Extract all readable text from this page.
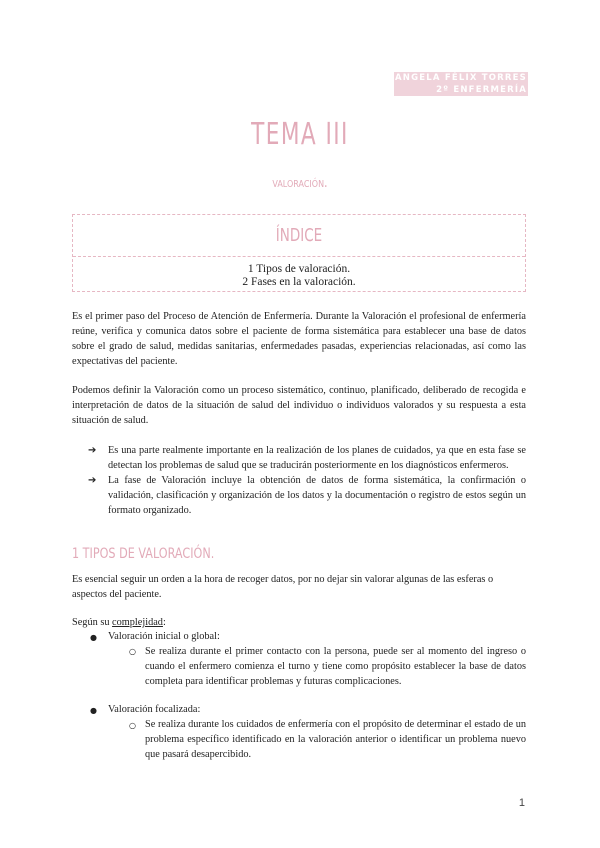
ANGELA FÉLIX TORRES
2º ENFERMERÍA
TEMA III
valoración.
ÍNDICE
1 Tipos de valoración.
2 Fases en la valoración.
Es el primer paso del Proceso de Atención de Enfermería. Durante la Valoración el profesional de enfermería reúne, verifica y comunica datos sobre el paciente de forma sistemática para establecer una base de datos sobre el grado de salud, medidas sanitarias, enfermedades pasadas, experiencias relacionadas, así como las expectativas del paciente.
Podemos definir la Valoración como un proceso sistemático, continuo, planificado, deliberado de recogida e interpretación de datos de la situación de salud del individuo o individuos valorados y su respuesta a esta situación de salud.
➔ Es una parte realmente importante en la realización de los planes de cuidados, ya que en esta fase se detectan los problemas de salud que se traducirán posteriormente en los diagnósticos enfermeros.
➔ La fase de Valoración incluye la obtención de datos de forma sistemática, la confirmación o validación, clasificación y organización de los datos y la documentación o registro de estos según un formato organizado.
1 TIPOS DE VALORACIÓN.
Es esencial seguir un orden a la hora de recoger datos, por no dejar sin valorar algunas de las esferas o aspectos del paciente.
Según su complejidad:
● Valoración inicial o global:
○ Se realiza durante el primer contacto con la persona, puede ser al momento del ingreso o cuando el enfermero comienza el turno y tiene como propósito establecer la base de datos completa para identificar problemas y futuras complicaciones.
● Valoración focalizada:
○ Se realiza durante los cuidados de enfermería con el propósito de determinar el estado de un problema específico identificado en la valoración anterior o identificar un problema nuevo que pasará desapercibido.
1
